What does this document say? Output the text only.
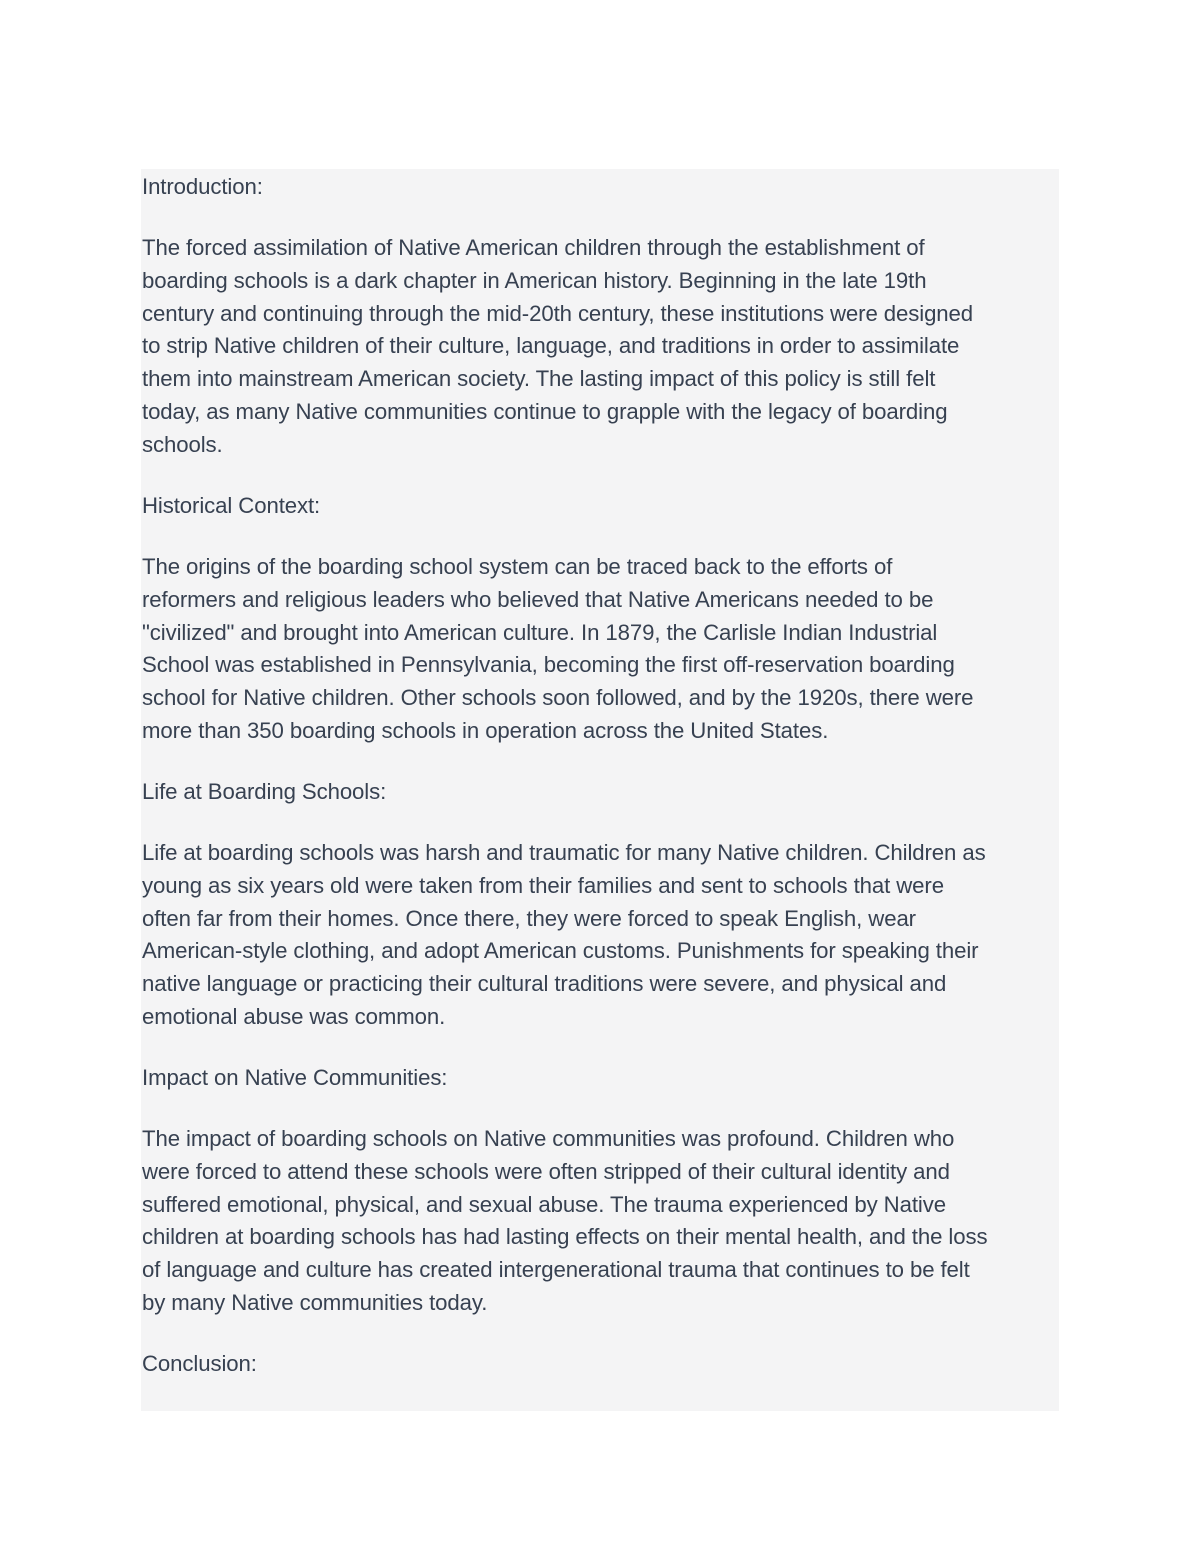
Introduction:

The forced assimilation of Native American children through the establishment of
boarding schools is a dark chapter in American history. Beginning in the late 19th
century and continuing through the mid-20th century, these institutions were designed
to strip Native children of their culture, language, and traditions in order to assimilate
them into mainstream American society. The lasting impact of this policy is still felt
today, as many Native communities continue to grapple with the legacy of boarding
schools.

Historical Context:

The origins of the boarding school system can be traced back to the efforts of
reformers and religious leaders who believed that Native Americans needed to be
"civilized" and brought into American culture. In 1879, the Carlisle Indian Industrial
School was established in Pennsylvania, becoming the first off-reservation boarding
school for Native children. Other schools soon followed, and by the 1920s, there were
more than 350 boarding schools in operation across the United States.

Life at Boarding Schools:

Life at boarding schools was harsh and traumatic for many Native children. Children as
young as six years old were taken from their families and sent to schools that were
often far from their homes. Once there, they were forced to speak English, wear
American-style clothing, and adopt American customs. Punishments for speaking their
native language or practicing their cultural traditions were severe, and physical and
emotional abuse was common.

Impact on Native Communities:

The impact of boarding schools on Native communities was profound. Children who
were forced to attend these schools were often stripped of their cultural identity and
suffered emotional, physical, and sexual abuse. The trauma experienced by Native
children at boarding schools has had lasting effects on their mental health, and the loss
of language and culture has created intergenerational trauma that continues to be felt
by many Native communities today.

Conclusion:
